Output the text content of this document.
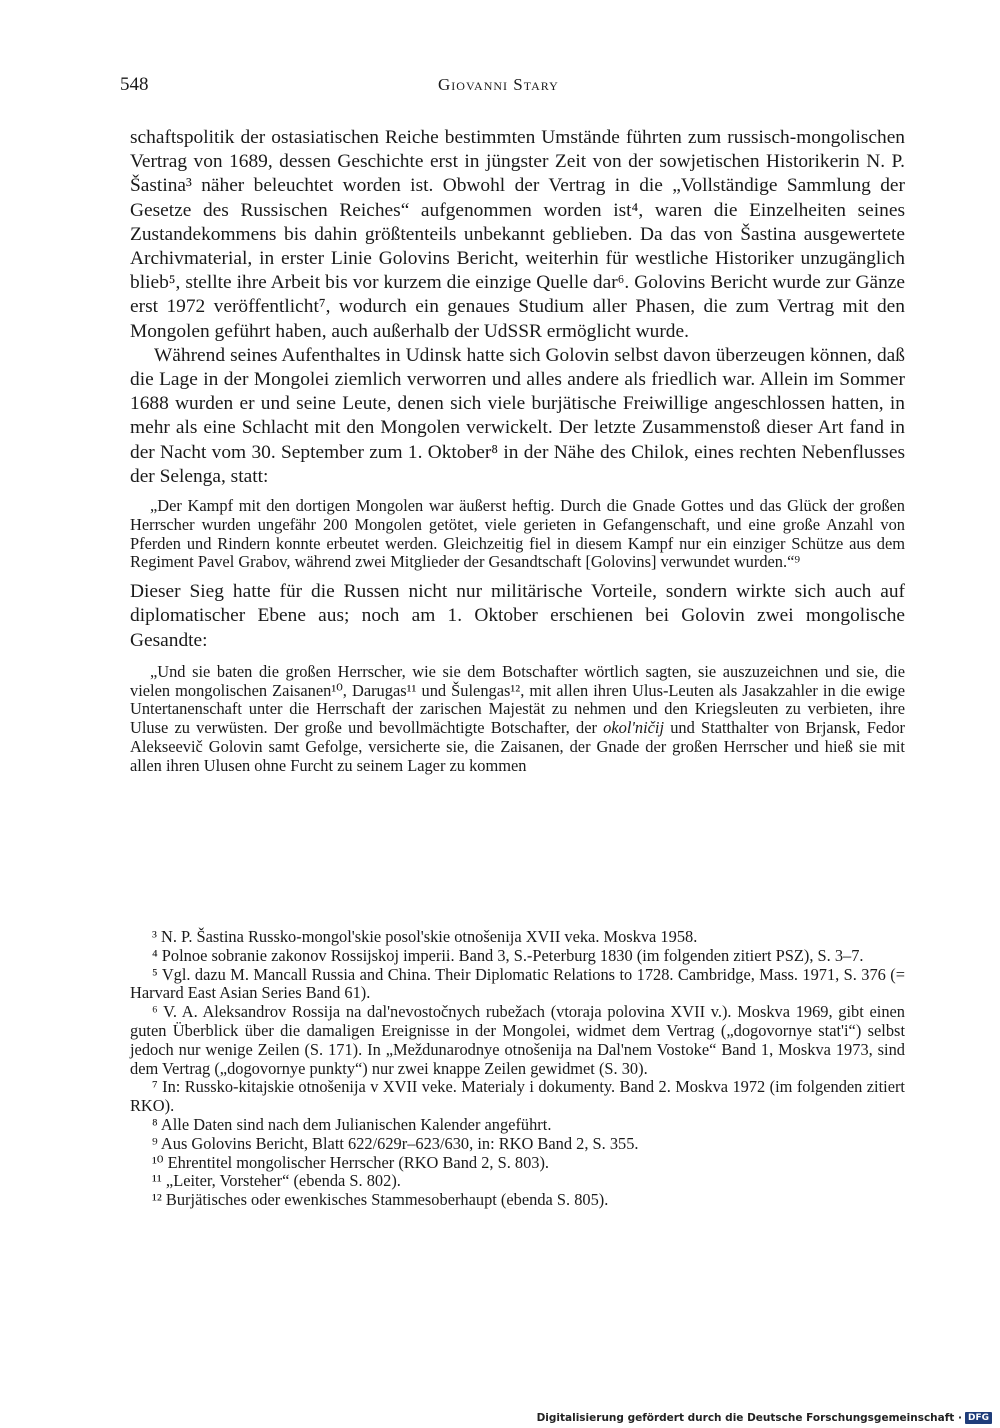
548	Giovanni Stary

schaftspolitik der ostasiatischen Reiche bestimmten Umstände führten zum russisch-mongolischen Vertrag von 1689, dessen Geschichte erst in jüngster Zeit von der sowjetischen Historikerin N. P. Šastina³ näher beleuchtet worden ist. Obwohl der Vertrag in die „Vollständige Sammlung der Gesetze des Russischen Reiches“ aufgenommen worden ist⁴, waren die Einzelheiten seines Zustandekommens bis dahin größtenteils unbekannt geblieben. Da das von Šastina ausgewertete Archivmaterial, in erster Linie Golovins Bericht, weiterhin für westliche Historiker unzugänglich blieb⁵, stellte ihre Arbeit bis vor kurzem die einzige Quelle dar⁶. Golovins Bericht wurde zur Gänze erst 1972 veröffentlicht⁷, wodurch ein genaues Studium aller Phasen, die zum Vertrag mit den Mongolen geführt haben, auch außerhalb der UdSSR ermöglicht wurde.

Während seines Aufenthaltes in Udinsk hatte sich Golovin selbst davon überzeugen können, daß die Lage in der Mongolei ziemlich verworren und alles andere als friedlich war. Allein im Sommer 1688 wurden er und seine Leute, denen sich viele burjätische Freiwillige angeschlossen hatten, in mehr als eine Schlacht mit den Mongolen verwickelt. Der letzte Zusammenstoß dieser Art fand in der Nacht vom 30. September zum 1. Oktober⁸ in der Nähe des Chilok, eines rechten Nebenflusses der Selenga, statt:

„Der Kampf mit den dortigen Mongolen war äußerst heftig. Durch die Gnade Gottes und das Glück der großen Herrscher wurden ungefähr 200 Mongolen getötet, viele gerieten in Gefangenschaft, und eine große Anzahl von Pferden und Rindern konnte erbeutet werden. Gleichzeitig fiel in diesem Kampf nur ein einziger Schütze aus dem Regiment Pavel Grabov, während zwei Mitglieder der Gesandtschaft [Golovins] verwundet wurden.“⁹

Dieser Sieg hatte für die Russen nicht nur militärische Vorteile, sondern wirkte sich auch auf diplomatischer Ebene aus; noch am 1. Oktober erschienen bei Golovin zwei mongolische Gesandte:

„Und sie baten die großen Herrscher, wie sie dem Botschafter wörtlich sagten, sie auszuzeichnen und sie, die vielen mongolischen Zaisanen¹⁰, Darugas¹¹ und Šulengas¹², mit allen ihren Ulus-Leuten als Jasakzahler in die ewige Untertanenschaft unter die Herrschaft der zarischen Majestät zu nehmen und den Kriegsleuten zu verbieten, ihre Uluse zu verwüsten. Der große und bevollmächtigte Botschafter, der okol'ničij und Statthalter von Brjansk, Fedor Alekseevič Golovin samt Gefolge, versicherte sie, die Zaisanen, der Gnade der großen Herrscher und hieß sie mit allen ihren Ulusen ohne Furcht zu seinem Lager zu kommen

³ N. P. Šastina Russko-mongol'skie posol'skie otnošenija XVII veka. Moskva 1958.

⁴ Polnoe sobranie zakonov Rossijskoj imperii. Band 3, S.-Peterburg 1830 (im folgenden zitiert PSZ), S. 3–7.

⁵ Vgl. dazu M. Mancall Russia and China. Their Diplomatic Relations to 1728. Cambridge, Mass. 1971, S. 376 (= Harvard East Asian Series Band 61).

⁶ V. A. Aleksandrov Rossija na dal'nevostočnych rubežach (vtoraja polovina XVII v.). Moskva 1969, gibt einen guten Überblick über die damaligen Ereignisse in der Mongolei, widmet dem Vertrag („dogovornye stat'i“) selbst jedoch nur wenige Zeilen (S. 171). In „Meždunarodnye otnošenija na Dal'nem Vostoke“ Band 1, Moskva 1973, sind dem Vertrag („dogovornye punkty“) nur zwei knappe Zeilen gewidmet (S. 30).

⁷ In: Russko-kitajskie otnošenija v XVII veke. Materialy i dokumenty. Band 2. Moskva 1972 (im folgenden zitiert RKO).

⁸ Alle Daten sind nach dem Julianischen Kalender angeführt.

⁹ Aus Golovins Bericht, Blatt 622/629r–623/630, in: RKO Band 2, S. 355.

¹⁰ Ehrentitel mongolischer Herrscher (RKO Band 2, S. 803).

¹¹ „Leiter, Vorsteher“ (ebenda S. 802).

¹² Burjätisches oder ewenkisches Stammesoberhaupt (ebenda S. 805).

Digitalisierung gefördert durch die Deutsche Forschungsgemeinschaft · DFG
